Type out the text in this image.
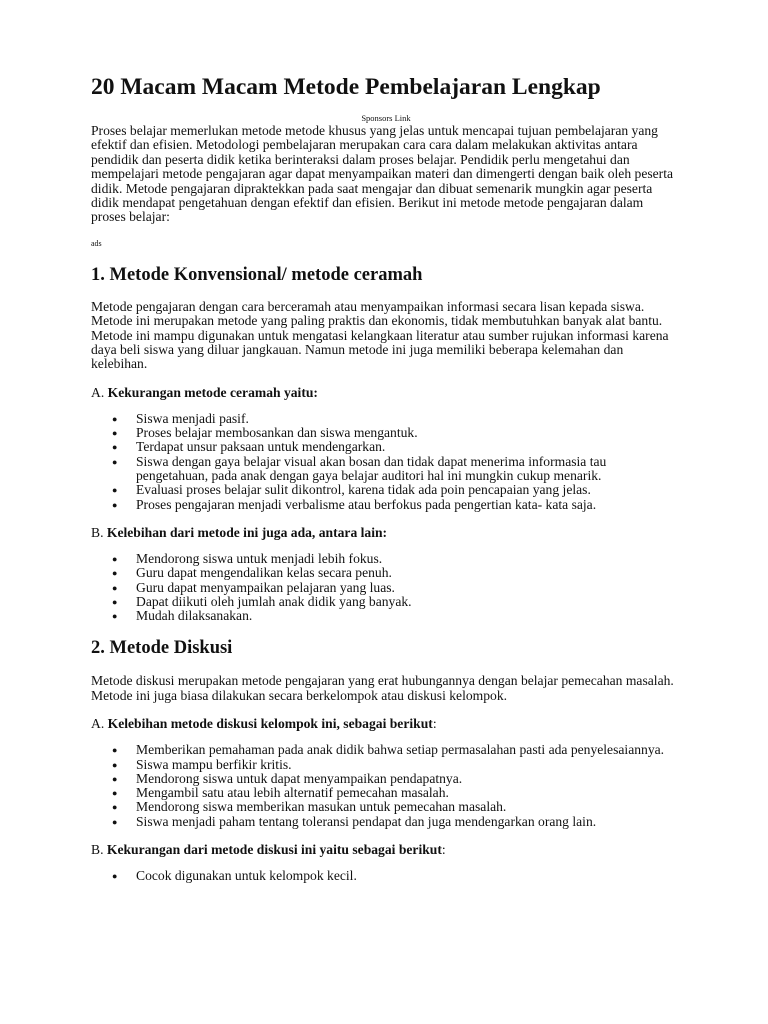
20 Macam Macam Metode Pembelajaran Lengkap
Sponsors Link

Proses belajar memerlukan metode metode khusus yang jelas untuk mencapai tujuan pembelajaran yang efektif dan efisien. Metodologi pembelajaran merupakan cara cara dalam melakukan aktivitas antara pendidik dan peserta didik ketika berinteraksi dalam proses belajar. Pendidik perlu mengetahui dan mempelajari metode pengajaran agar dapat menyampaikan materi dan dimengerti dengan baik oleh peserta didik. Metode pengajaran dipraktekkan pada saat mengajar dan dibuat semenarik mungkin agar peserta didik mendapat pengetahuan dengan efektif dan efisien. Berikut ini metode metode pengajaran dalam proses belajar:

ads
1. Metode Konvensional/ metode ceramah

Metode pengajaran dengan cara berceramah atau menyampaikan informasi secara lisan kepada siswa. Metode ini merupakan metode yang paling praktis dan ekonomis, tidak membutuhkan banyak alat bantu. Metode ini mampu digunakan untuk mengatasi kelangkaan literatur atau sumber rujukan informasi karena daya beli siswa yang diluar jangkauan. Namun metode ini juga memiliki beberapa kelemahan dan kelebihan.

A. Kekurangan metode ceramah yaitu:
● Siswa menjadi pasif.
● Proses belajar membosankan dan siswa mengantuk.
● Terdapat unsur paksaan untuk mendengarkan.
● Siswa dengan gaya belajar visual akan bosan dan tidak dapat menerima informasia tau pengetahuan, pada anak dengan gaya belajar auditori hal ini mungkin cukup menarik.
● Evaluasi proses belajar sulit dikontrol, karena tidak ada poin pencapaian yang jelas.
● Proses pengajaran menjadi verbalisme atau berfokus pada pengertian kata- kata saja.
B. Kelebihan dari metode ini juga ada, antara lain:
● Mendorong siswa untuk menjadi lebih fokus.
● Guru dapat mengendalikan kelas secara penuh.
● Guru dapat menyampaikan pelajaran yang luas.
● Dapat diikuti oleh jumlah anak didik yang banyak.
● Mudah dilaksanakan.
2. Metode Diskusi

Metode diskusi merupakan metode pengajaran yang erat hubungannya dengan belajar pemecahan masalah. Metode ini juga biasa dilakukan secara berkelompok atau diskusi kelompok.

A. Kelebihan metode diskusi kelompok ini, sebagai berikut:
● Memberikan pemahaman pada anak didik bahwa setiap permasalahan pasti ada penyelesaiannya.
● Siswa mampu berfikir kritis.
● Mendorong siswa untuk dapat menyampaikan pendapatnya.
● Mengambil satu atau lebih alternatif pemecahan masalah.
● Mendorong siswa memberikan masukan untuk pemecahan masalah.
● Siswa menjadi paham tentang toleransi pendapat dan juga mendengarkan orang lain.
B. Kekurangan dari metode diskusi ini yaitu sebagai berikut:
● Cocok digunakan untuk kelompok kecil.
